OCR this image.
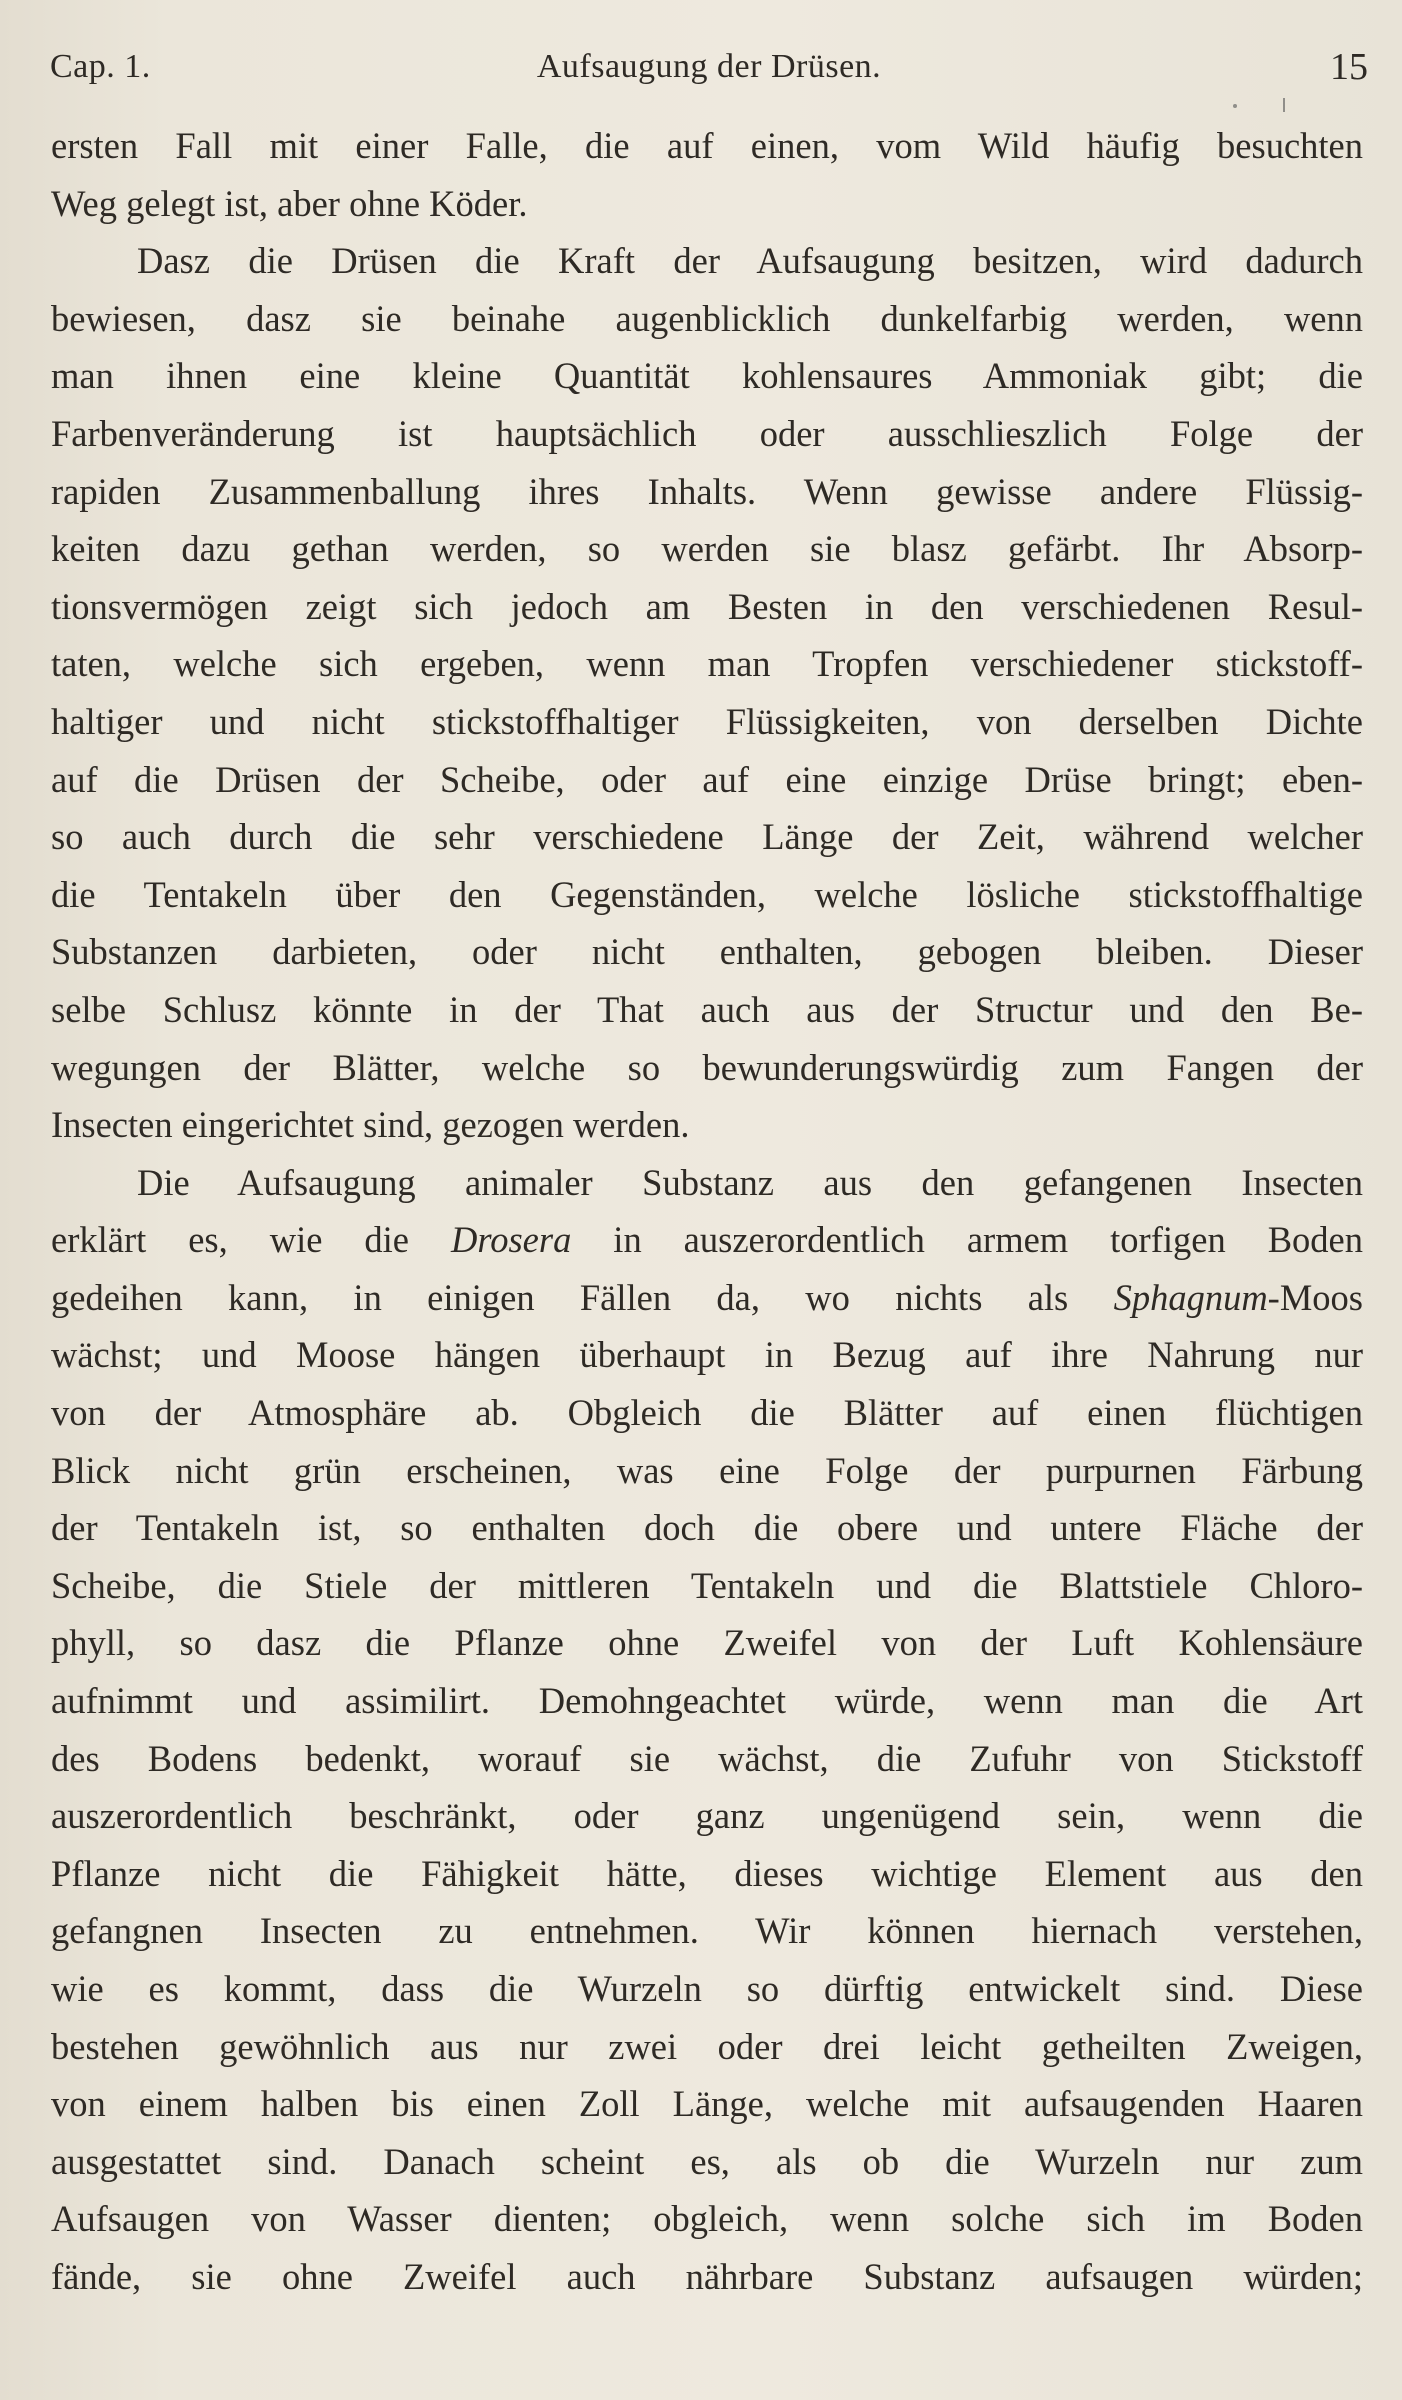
Cap. 1.	Aufsaugung der Drüsen.	15
ersten Fall mit einer Falle, die auf einen, vom Wild häufig besuchten
Weg gelegt ist, aber ohne Köder.
Dasz die Drüsen die Kraft der Aufsaugung besitzen, wird dadurch
bewiesen, dasz sie beinahe augenblicklich dunkelfarbig werden, wenn
man ihnen eine kleine Quantität kohlensaures Ammoniak gibt; die
Farbenveränderung ist hauptsächlich oder ausschlieszlich Folge der
rapiden Zusammenballung ihres Inhalts. Wenn gewisse andere Flüssig-
keiten dazu gethan werden, so werden sie blasz gefärbt. Ihr Absorp-
tionsvermögen zeigt sich jedoch am Besten in den verschiedenen Resul-
taten, welche sich ergeben, wenn man Tropfen verschiedener stickstoff-
haltiger und nicht stickstoffhaltiger Flüssigkeiten, von derselben Dichte
auf die Drüsen der Scheibe, oder auf eine einzige Drüse bringt; eben-
so auch durch die sehr verschiedene Länge der Zeit, während welcher
die Tentakeln über den Gegenständen, welche lösliche stickstoffhaltige
Substanzen darbieten, oder nicht enthalten, gebogen bleiben. Dieser
selbe Schlusz könnte in der That auch aus der Structur und den Be-
wegungen der Blätter, welche so bewunderungswürdig zum Fangen der
Insecten eingerichtet sind, gezogen werden.
Die Aufsaugung animaler Substanz aus den gefangenen Insecten
erklärt es, wie die Drosera in auszerordentlich armem torfigen Boden
gedeihen kann, in einigen Fällen da, wo nichts als Sphagnum-Moos
wächst; und Moose hängen überhaupt in Bezug auf ihre Nahrung nur
von der Atmosphäre ab. Obgleich die Blätter auf einen flüchtigen
Blick nicht grün erscheinen, was eine Folge der purpurnen Färbung
der Tentakeln ist, so enthalten doch die obere und untere Fläche der
Scheibe, die Stiele der mittleren Tentakeln und die Blattstiele Chloro-
phyll, so dasz die Pflanze ohne Zweifel von der Luft Kohlensäure
aufnimmt und assimilirt. Demohngeachtet würde, wenn man die Art
des Bodens bedenkt, worauf sie wächst, die Zufuhr von Stickstoff
auszerordentlich beschränkt, oder ganz ungenügend sein, wenn die
Pflanze nicht die Fähigkeit hätte, dieses wichtige Element aus den
gefangnen Insecten zu entnehmen. Wir können hiernach verstehen,
wie es kommt, dass die Wurzeln so dürftig entwickelt sind. Diese
bestehen gewöhnlich aus nur zwei oder drei leicht getheilten Zweigen,
von einem halben bis einen Zoll Länge, welche mit aufsaugenden Haaren
ausgestattet sind. Danach scheint es, als ob die Wurzeln nur zum
Aufsaugen von Wasser dienten; obgleich, wenn solche sich im Boden
fände, sie ohne Zweifel auch nährbare Substanz aufsaugen würden;
